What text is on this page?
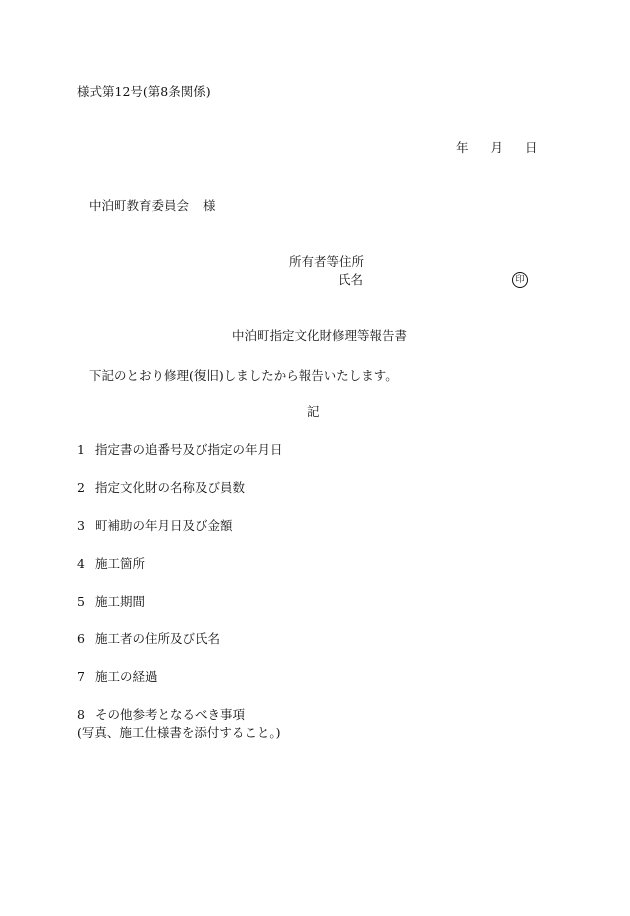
様式第12号(第8条関係)
年 月 日
中泊町教育委員会 様
所有者等住所
氏名	印
中泊町指定文化財修理等報告書
下記のとおり修理(復旧)しましたから報告いたします。
記
1 指定書の追番号及び指定の年月日
2 指定文化財の名称及び員数
3 町補助の年月日及び金額
4 施工箇所
5 施工期間
6 施工者の住所及び氏名
7 施工の経過
8 その他参考となるべき事項
(写真、施工仕様書を添付すること。)
